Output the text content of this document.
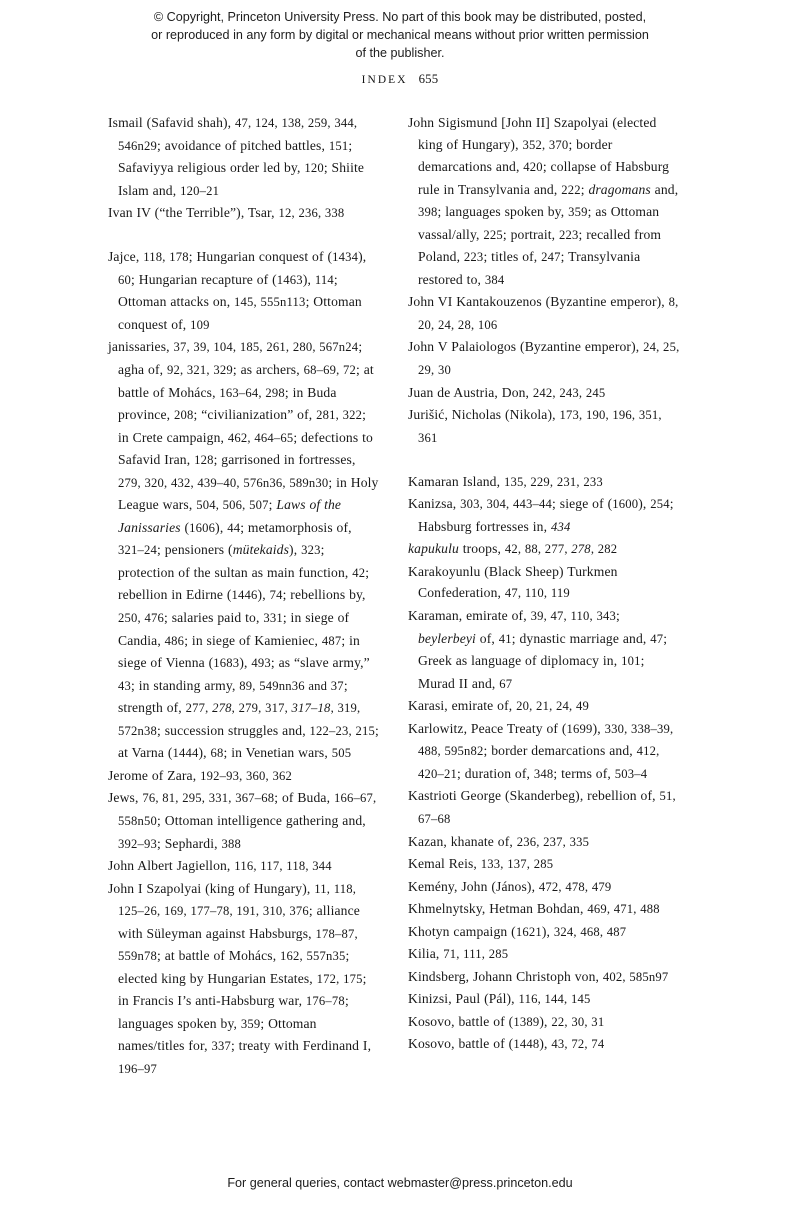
© Copyright, Princeton University Press. No part of this book may be distributed, posted, or reproduced in any form by digital or mechanical means without prior written permission of the publisher.
INDEX 655

Ismail (Safavid shah), 47, 124, 138, 259, 344, 546n29; avoidance of pitched battles, 151; Safaviyya religious order led by, 120; Shiite Islam and, 120–21

Ivan IV (“the Terrible”), Tsar, 12, 236, 338

Jajce, 118, 178; Hungarian conquest of (1434), 60; Hungarian recapture of (1463), 114; Ottoman attacks on, 145, 555n113; Ottoman conquest of, 109

janissaries, 37, 39, 104, 185, 261, 280, 567n24; agha of, 92, 321, 329; as archers, 68–69, 72; at battle of Mohács, 163–64, 298; in Buda province, 208; “civilianization” of, 281, 322; in Crete campaign, 462, 464–65; defections to Safavid Iran, 128; garrisoned in fortresses, 279, 320, 432, 439–40, 576n36, 589n30; in Holy League wars, 504, 506, 507; Laws of the Janissaries (1606), 44; metamorphosis of, 321–24; pensioners (mütekaids), 323; protection of the sultan as main function, 42; rebellion in Edirne (1446), 74; rebellions by, 250, 476; salaries paid to, 331; in siege of Candia, 486; in siege of Kamieniec, 487; in siege of Vienna (1683), 493; as “slave army,” 43; in standing army, 89, 549nn36 and 37; strength of, 277, 278, 279, 317, 317–18, 319, 572n38; succession struggles and, 122–23, 215; at Varna (1444), 68; in Venetian wars, 505

Jerome of Zara, 192–93, 360, 362

Jews, 76, 81, 295, 331, 367–68; of Buda, 166–67, 558n50; Ottoman intelligence gathering and, 392–93; Sephardi, 388

John Albert Jagiellon, 116, 117, 118, 344

John I Szapolyai (king of Hungary), 11, 118, 125–26, 169, 177–78, 191, 310, 376; alliance with Süleyman against Habsburgs, 178–87, 559n78; at battle of Mohács, 162, 557n35; elected king by Hungarian Estates, 172, 175; in Francis I’s anti-Habsburg war, 176–78; languages spoken by, 359; Ottoman names/titles for, 337; treaty with Ferdinand I, 196–97

John Sigismund [John II] Szapolyai (elected king of Hungary), 352, 370; border demarcations and, 420; collapse of Habsburg rule in Transylvania and, 222; dragomans and, 398; languages spoken by, 359; as Ottoman vassal/ally, 225; portrait, 223; recalled from Poland, 223; titles of, 247; Transylvania restored to, 384

John VI Kantakouzenos (Byzantine emperor), 8, 20, 24, 28, 106

John V Palaiologos (Byzantine emperor), 24, 25, 29, 30

Juan de Austria, Don, 242, 243, 245

Jurišić, Nicholas (Nikola), 173, 190, 196, 351, 361

Kamaran Island, 135, 229, 231, 233

Kanizsa, 303, 304, 443–44; siege of (1600), 254; Habsburg fortresses in, 434

kapukulu troops, 42, 88, 277, 278, 282

Karakoyunlu (Black Sheep) Turkmen Confederation, 47, 110, 119

Karaman, emirate of, 39, 47, 110, 343; beylerbeyi of, 41; dynastic marriage and, 47; Greek as language of diplomacy in, 101; Murad II and, 67

Karasi, emirate of, 20, 21, 24, 49

Karlowitz, Peace Treaty of (1699), 330, 338–39, 488, 595n82; border demarcations and, 412, 420–21; duration of, 348; terms of, 503–4

Kastrioti George (Skanderbeg), rebellion of, 51, 67–68

Kazan, khanate of, 236, 237, 335

Kemal Reis, 133, 137, 285

Kemény, John (János), 472, 478, 479

Khmelnytsky, Hetman Bohdan, 469, 471, 488

Khotyn campaign (1621), 324, 468, 487

Kilia, 71, 111, 285

Kindsberg, Johann Christoph von, 402, 585n97

Kinizsi, Paul (Pál), 116, 144, 145

Kosovo, battle of (1389), 22, 30, 31

Kosovo, battle of (1448), 43, 72, 74

For general queries, contact webmaster@press.princeton.edu
